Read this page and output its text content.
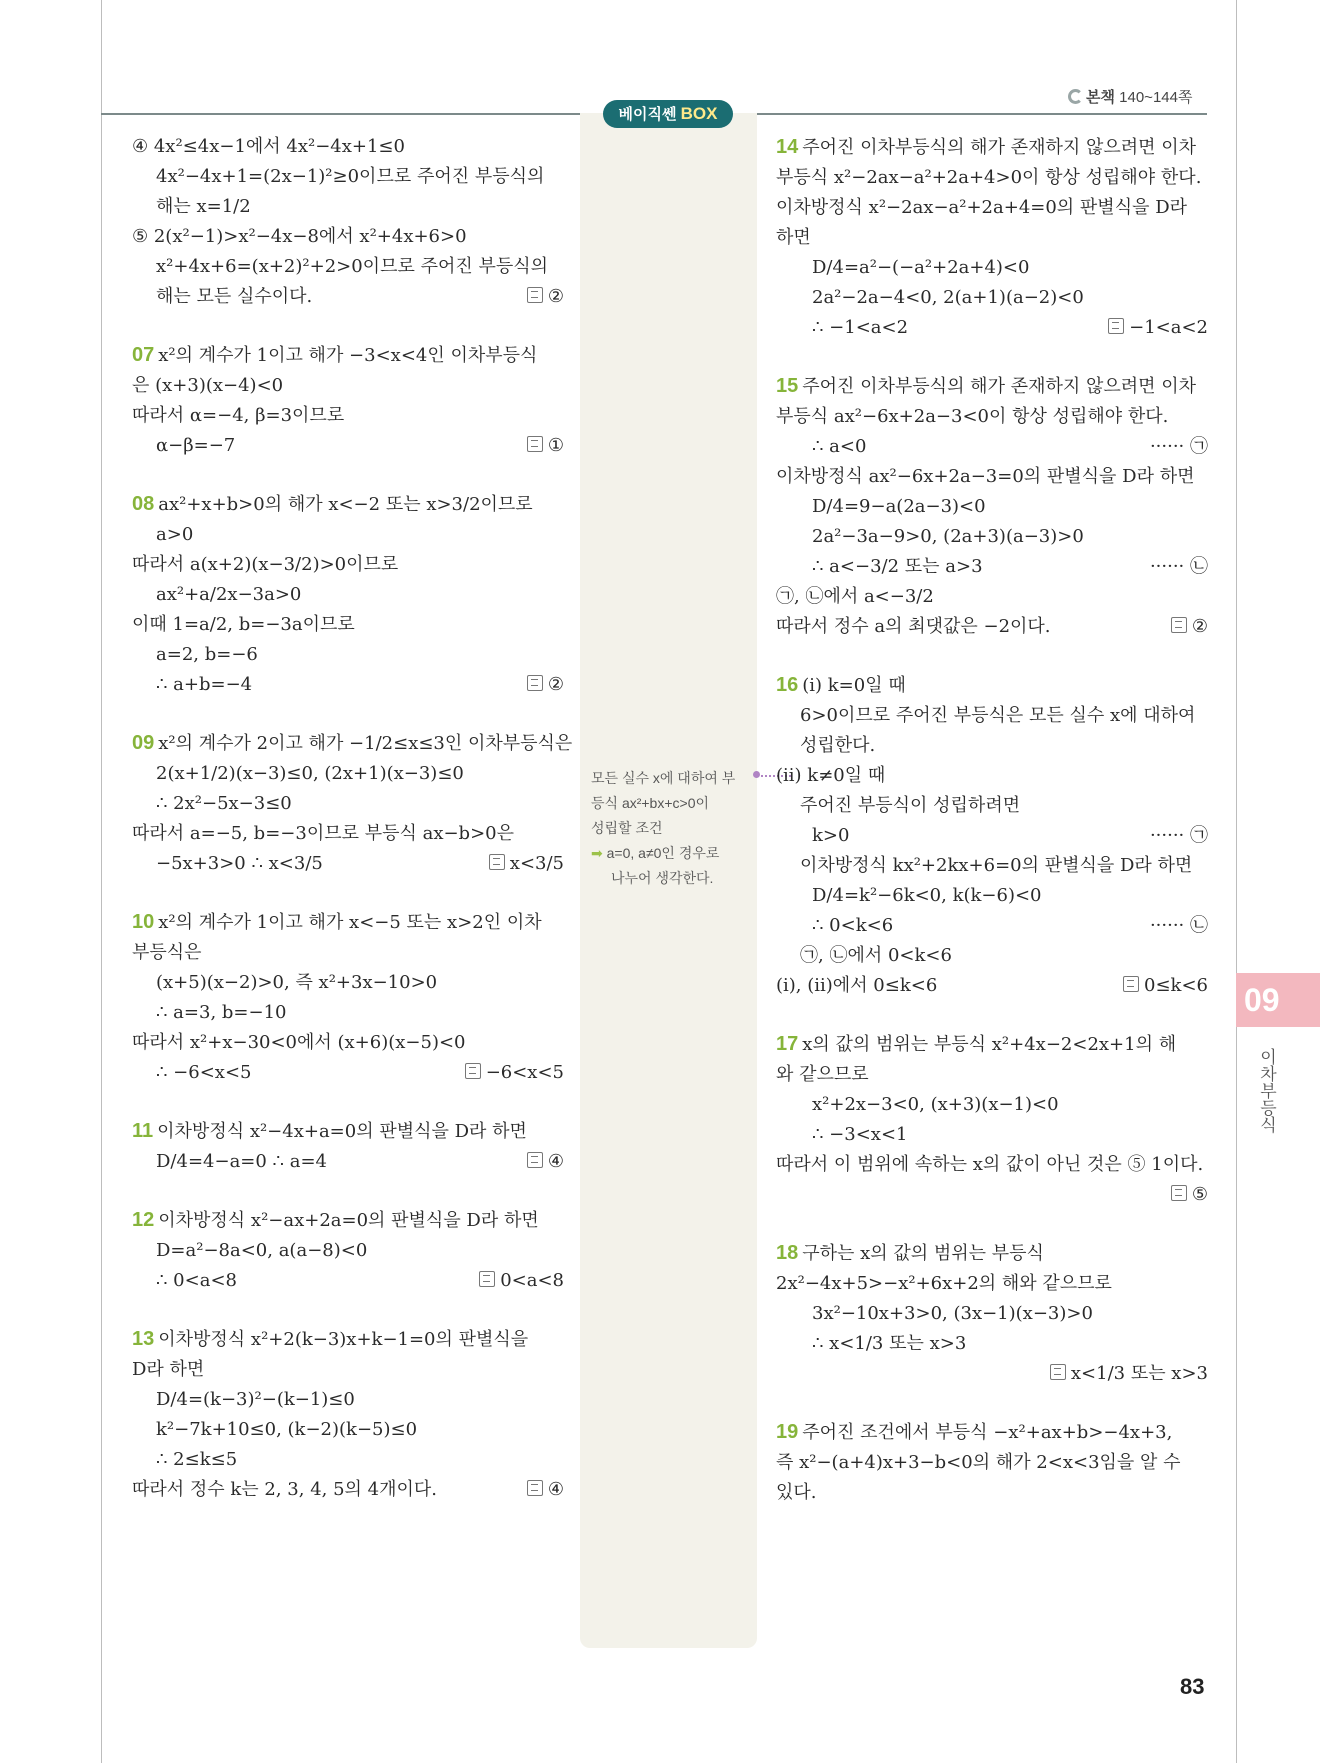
본책 140~144쪽
베이직쎈 BOX
모든 실수 x에 대하여 부
등식 ax²+bx+c>0이
성립할 조건
➡ a=0, a≠0인 경우로
나누어 생각한다.
④ 4x²≤4x−1에서 4x²−4x+1≤0
4x²−4x+1=(2x−1)²≥0이므로 주어진 부등식의
해는 x=1/2
⑤ 2(x²−1)>x²−4x−8에서 x²+4x+6>0
x²+4x+6=(x+2)²+2>0이므로 주어진 부등식의
해는 모든 실수이다.	②
07 x²의 계수가 1이고 해가 −3<x<4인 이차부등식
은 (x+3)(x−4)<0
따라서 α=−4, β=3이므로
α−β=−7	①
08 ax²+x+b>0의 해가 x<−2 또는 x>3/2이므로
a>0
따라서 a(x+2)(x−3/2)>0이므로
ax²+a/2x−3a>0
이때 1=a/2, b=−3a이므로
a=2, b=−6
∴ a+b=−4	②
09 x²의 계수가 2이고 해가 −1/2≤x≤3인 이차부등식은
2(x+1/2)(x−3)≤0, (2x+1)(x−3)≤0
∴ 2x²−5x−3≤0
따라서 a=−5, b=−3이므로 부등식 ax−b>0은
−5x+3>0 ∴ x<3/5	x<3/5
10 x²의 계수가 1이고 해가 x<−5 또는 x>2인 이차
부등식은
(x+5)(x−2)>0, 즉 x²+3x−10>0
∴ a=3, b=−10
따라서 x²+x−30<0에서 (x+6)(x−5)<0
∴ −6<x<5	−6<x<5
11 이차방정식 x²−4x+a=0의 판별식을 D라 하면
D/4=4−a=0 ∴ a=4	④
12 이차방정식 x²−ax+2a=0의 판별식을 D라 하면
D=a²−8a<0, a(a−8)<0
∴ 0<a<8	0<a<8
13 이차방정식 x²+2(k−3)x+k−1=0의 판별식을
D라 하면
D/4=(k−3)²−(k−1)≤0
k²−7k+10≤0, (k−2)(k−5)≤0
∴ 2≤k≤5
따라서 정수 k는 2, 3, 4, 5의 4개이다.	④
14 주어진 이차부등식의 해가 존재하지 않으려면 이차
부등식 x²−2ax−a²+2a+4>0이 항상 성립해야 한다.
이차방정식 x²−2ax−a²+2a+4=0의 판별식을 D라
하면
D/4=a²−(−a²+2a+4)<0
2a²−2a−4<0, 2(a+1)(a−2)<0
∴ −1<a<2	−1<a<2
15 주어진 이차부등식의 해가 존재하지 않으려면 이차
부등식 ax²−6x+2a−3<0이 항상 성립해야 한다.
∴ a<0	······ ㉠
이차방정식 ax²−6x+2a−3=0의 판별식을 D라 하면
D/4=9−a(2a−3)<0
2a²−3a−9>0, (2a+3)(a−3)>0
∴ a<−3/2 또는 a>3	······ ㉡
㉠, ㉡에서 a<−3/2
따라서 정수 a의 최댓값은 −2이다.	②
16 (i) k=0일 때
6>0이므로 주어진 부등식은 모든 실수 x에 대하여
성립한다.
(ii) k≠0일 때
주어진 부등식이 성립하려면
k>0	······ ㉠
이차방정식 kx²+2kx+6=0의 판별식을 D라 하면
D/4=k²−6k<0, k(k−6)<0
∴ 0<k<6	······ ㉡
㉠, ㉡에서 0<k<6
(i), (ii)에서 0≤k<6	0≤k<6
17 x의 값의 범위는 부등식 x²+4x−2<2x+1의 해
와 같으므로
x²+2x−3<0, (x+3)(x−1)<0
∴ −3<x<1
따라서 이 범위에 속하는 x의 값이 아닌 것은 ⑤ 1이다.
⑤

18 구하는 x의 값의 범위는 부등식
2x²−4x+5>−x²+6x+2의 해와 같으므로
3x²−10x+3>0, (3x−1)(x−3)>0
∴ x<1/3 또는 x>3
x<1/3 또는 x>3

19 주어진 조건에서 부등식 −x²+ax+b>−4x+3,
즉 x²−(a+4)x+3−b<0의 해가 2<x<3임을 알 수
있다.
09
이차부등식
83
